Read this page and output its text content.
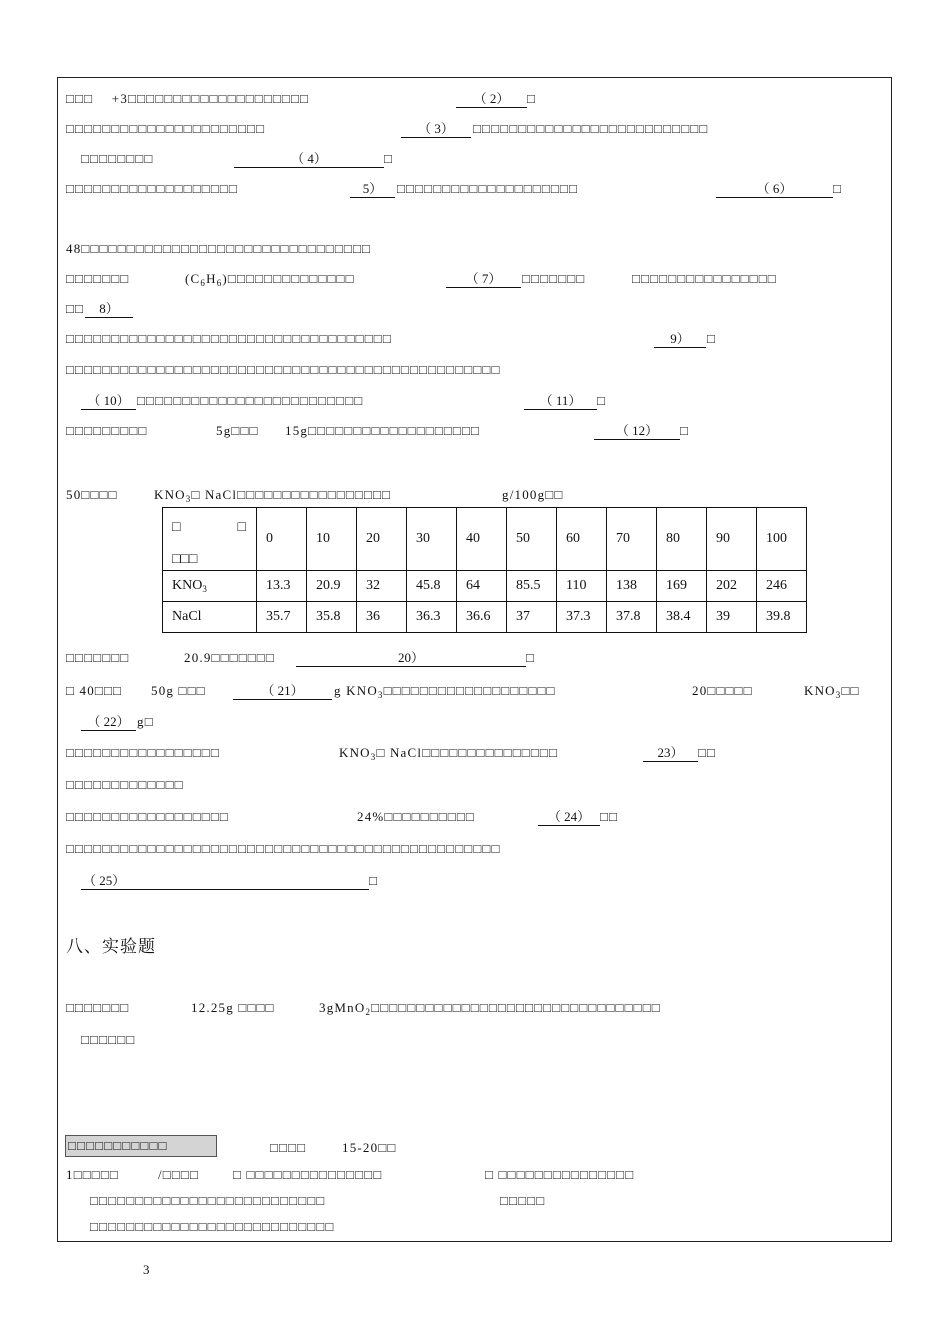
□□□　 +3□□□□□□□□□□□□□□□□□□□□	（ 2）	□
□□□□□□□□□□□□□□□□□□□□□□	（ 3）	□□□□□□□□□□□□□□□□□□□□□□□□□□
□□□□□□□□	（ 4）	□
□□□□□□□□□□□□□□□□□□□	5）	□□□□□□□□□□□□□□□□□□□□	（ 6）	□
48□□□□□□□□□□□□□□□□□□□□□□□□□□□□□□□□
□□□□□□□	$(C_6H_6)□□□□□□□□□□□□□□$	（ 7）	□□□□□□□	□□□□□□□□□□□□□□□□
□□	8）
□□□□□□□□□□□□□□□□□□□□□□□□□□□□□□□□□□□□	9）	□
□□□□□□□□□□□□□□□□□□□□□□□□□□□□□□□□□□□□□□□□□□□□□□□□
（ 10） □□□□□□□□□□□□□□□□□□□□□□□□□	（ 11）	□
□□□□□□□□□	5g□□□ 15g□□□□□□□□□□□□□□□□□□□	（ 12）	□
50□□□□	$KNO_3□$ NaCl□□□□□□□□□□□□□□□□□	g/100g□□
□ □
□□□	0	10	20	30	40	50	60	70	80	90	100
$KNO_3$	13.3	20.9	32	45.8	64	85.5	110	138	169	202	246
NaCl	35.7	35.8	36	36.3	36.6	37	37.3	37.8	38.4	39	39.8
□□□□□□□	20.9□□□□□□□	20）	□
□ 40□□□ 50g □□□	（ 21）	g $KNO_3□□□□□□□□□□□□□□□□□□□$	20□□□□□	$KNO_3□□$
（ 22） g□
□□□□□□□□□□□□□□□□□	$KNO_3□$ NaCl□□□□□□□□□□□□□□□	23）	□□
□□□□□□□□□□□□□
□□□□□□□□□□□□□□□□□□	24%□□□□□□□□□□	（ 24） □□
□□□□□□□□□□□□□□□□□□□□□□□□□□□□□□□□□□□□□□□□□□□□□□□□
（ 25）	□
八、实验题
□□□□□□□	12.25g □□□□	3gMnO$_2$□□□□□□□□□□□□□□□□□□□□□□□□□□□□□□□□
□□□□□□
□□□□□□□□□□□	□□□□	15-20□□
1□□□□□	/□□□□	□ □□□□□□□□□□□□□□□	□ □□□□□□□□□□□□□□□
□□□□□□□□□□□□□□□□□□□□□□□□□□	□□□□□
□□□□□□□□□□□□□□□□□□□□□□□□□□□
3
